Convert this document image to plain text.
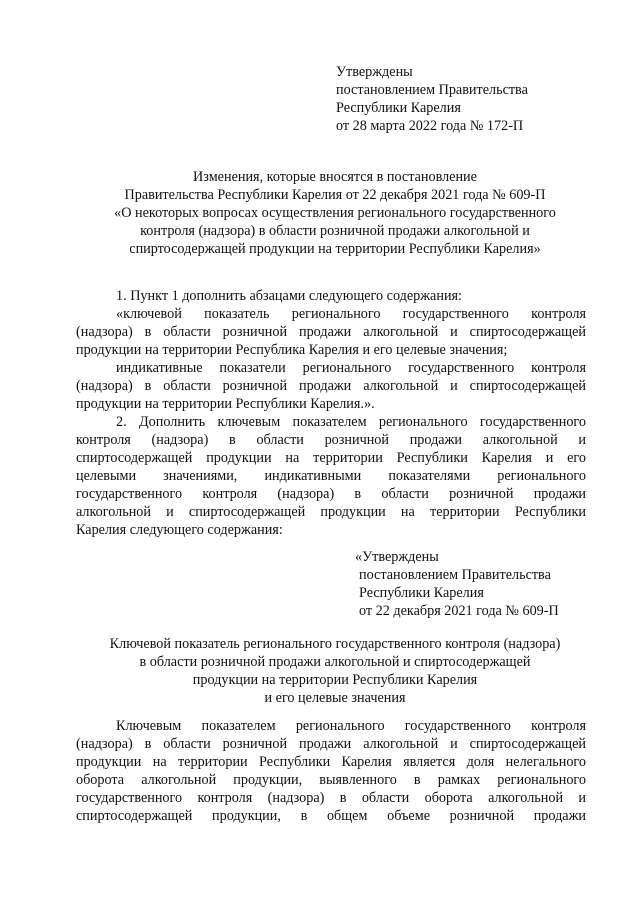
Утверждены
постановлением Правительства
Республики Карелия
от 28 марта 2022 года № 172-П
Изменения, которые вносятся в постановление
Правительства Республики Карелия от 22 декабря 2021 года № 609-П
«О некоторых вопросах осуществления регионального государственного
контроля (надзора) в области розничной продажи алкогольной и
спиртосодержащей продукции на территории Республики Карелия»
1. Пункт 1 дополнить абзацами следующего содержания:
«ключевой показатель регионального государственного контроля
(надзора) в области розничной продажи алкогольной и спиртосодержащей
продукции на территории Республика Карелия и его целевые значения;
индикативные показатели регионального государственного контроля
(надзора) в области розничной продажи алкогольной и спиртосодержащей
продукции на территории Республики Карелия.».
2. Дополнить ключевым показателем регионального государственного
контроля (надзора) в области розничной продажи алкогольной и
спиртосодержащей продукции на территории Республики Карелия и его
целевыми значениями, индикативными показателями регионального
государственного контроля (надзора) в области розничной продажи
алкогольной и спиртосодержащей продукции на территории Республики
Карелия следующего содержания:
«Утверждены
постановлением Правительства
Республики Карелия
от 22 декабря 2021 года № 609-П
Ключевой показатель регионального государственного контроля (надзора)
в области розничной продажи алкогольной и спиртосодержащей
продукции на территории Республики Карелия
и его целевые значения
Ключевым показателем регионального государственного контроля
(надзора) в области розничной продажи алкогольной и спиртосодержащей
продукции на территории Республики Карелия является доля нелегального
оборота алкогольной продукции, выявленного в рамках регионального
государственного контроля (надзора) в области оборота алкогольной и
спиртосодержащей продукции, в общем объеме розничной продажи
